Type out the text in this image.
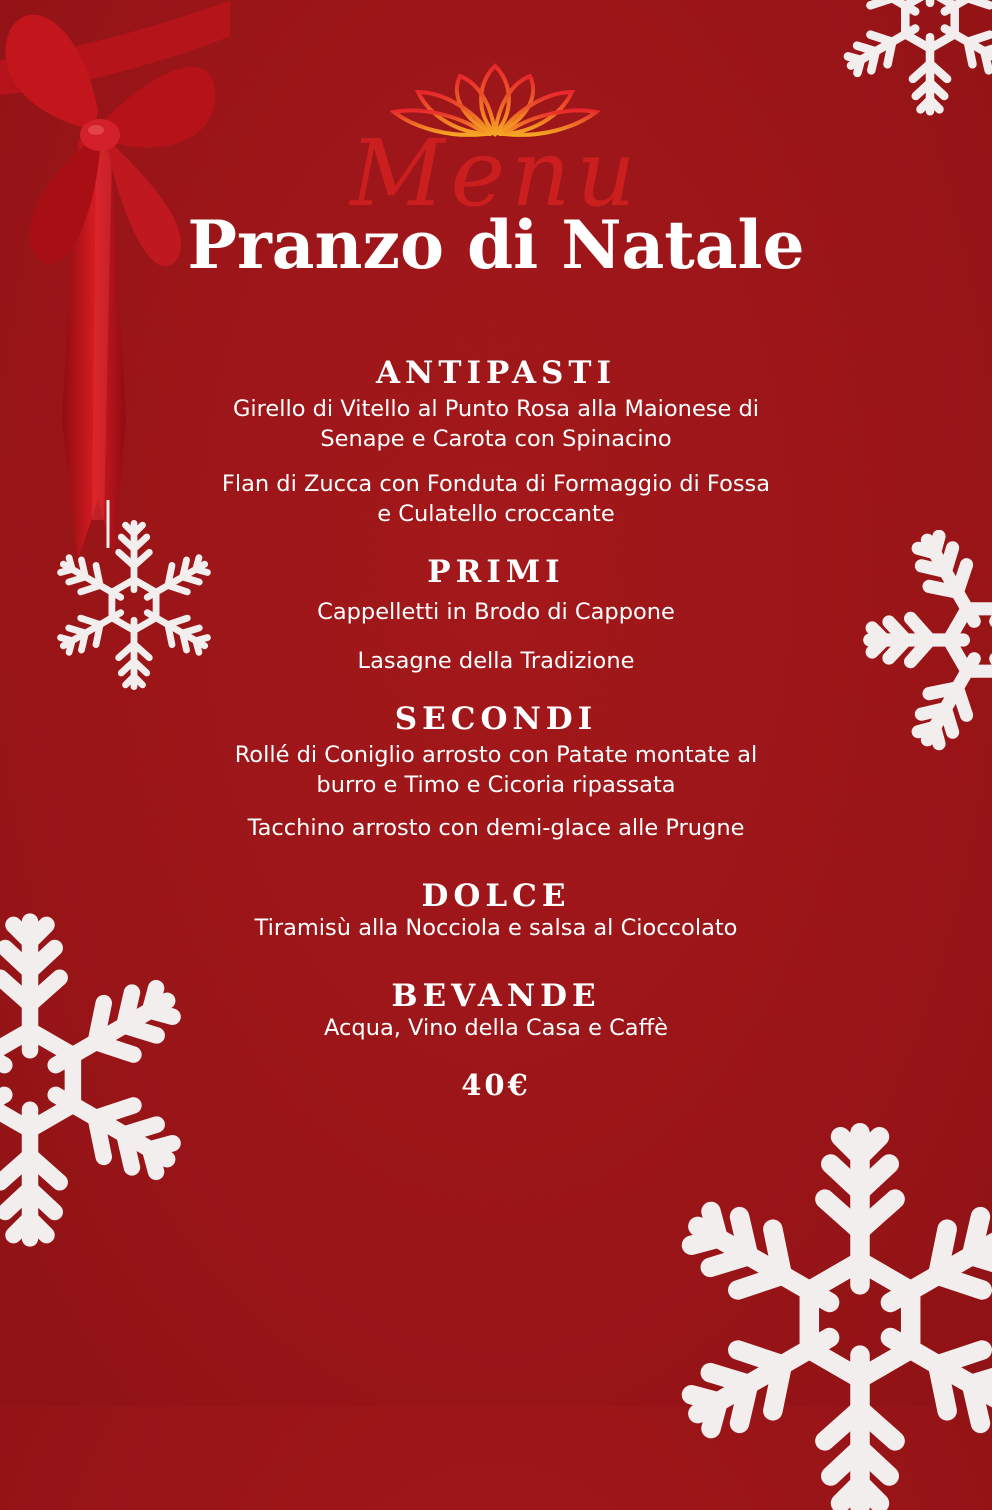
Menu
Pranzo di Natale
ANTIPASTI

Girello di Vitello al Punto Rosa alla Maionese di

Senape e Carota con Spinacino

Flan di Zucca con Fonduta di Formaggio di Fossa

e Culatello croccante

PRIMI

Cappelletti in Brodo di Cappone

Lasagne della Tradizione

SECONDI

Rollé di Coniglio arrosto con Patate montate al

burro e Timo e Cicoria ripassata

Tacchino arrosto con demi-glace alle Prugne

DOLCE

Tiramisù alla Nocciola e salsa al Cioccolato

BEVANDE

Acqua, Vino della Casa e Caffè

40€
